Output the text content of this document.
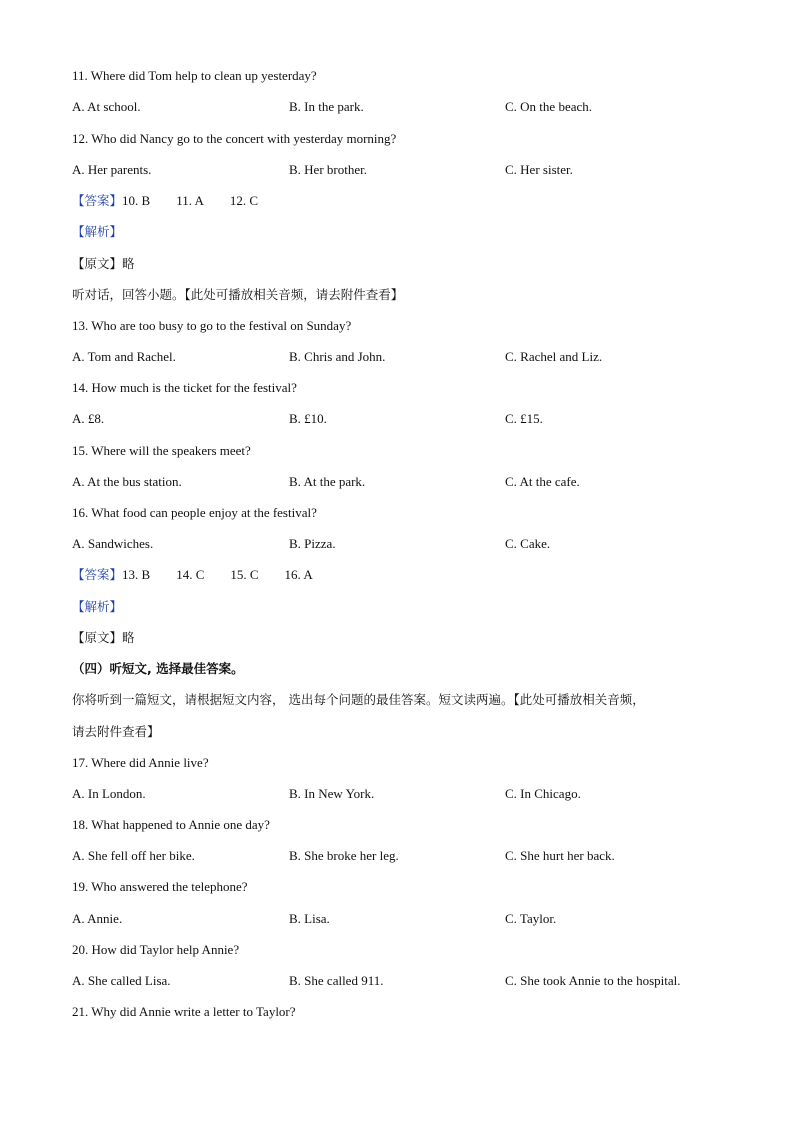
11. Where did Tom help to clean up yesterday?
A. At school.	B. In the park.	C. On the beach.
12. Who did Nancy go to the concert with yesterday morning?
A. Her parents.	B. Her brother.	C. Her sister.
【答案】10. B 11. A 12. C
【解析】
【原文】略
听对话，回答小题。【此处可播放相关音频，请去附件查看】
13. Who are too busy to go to the festival on Sunday?
A. Tom and Rachel.	B. Chris and John.	C. Rachel and Liz.
14. How much is the ticket for the festival?
A. £8.	B. £10.	C. £15.
15. Where will the speakers meet?
A. At the bus station.	B. At the park.	C. At the cafe.
16. What food can people enjoy at the festival?
A. Sandwiches.	B. Pizza.	C. Cake.
【答案】13. B 14. C 15. C 16. A
【解析】
【原文】略
（四）听短文, 选择最佳答案。
你将听到一篇短文，请根据短文内容， 选出每个问题的最佳答案。短文读两遍。【此处可播放相关音频，
请去附件查看】
17. Where did Annie live?
A. In London.	B. In New York.	C. In Chicago.
18. What happened to Annie one day?
A. She fell off her bike.	B. She broke her leg.	C. She hurt her back.
19. Who answered the telephone?
A. Annie.	B. Lisa.	C. Taylor.
20. How did Taylor help Annie?
A. She called Lisa.	B. She called 911.	C. She took Annie to the hospital.
21. Why did Annie write a letter to Taylor?
